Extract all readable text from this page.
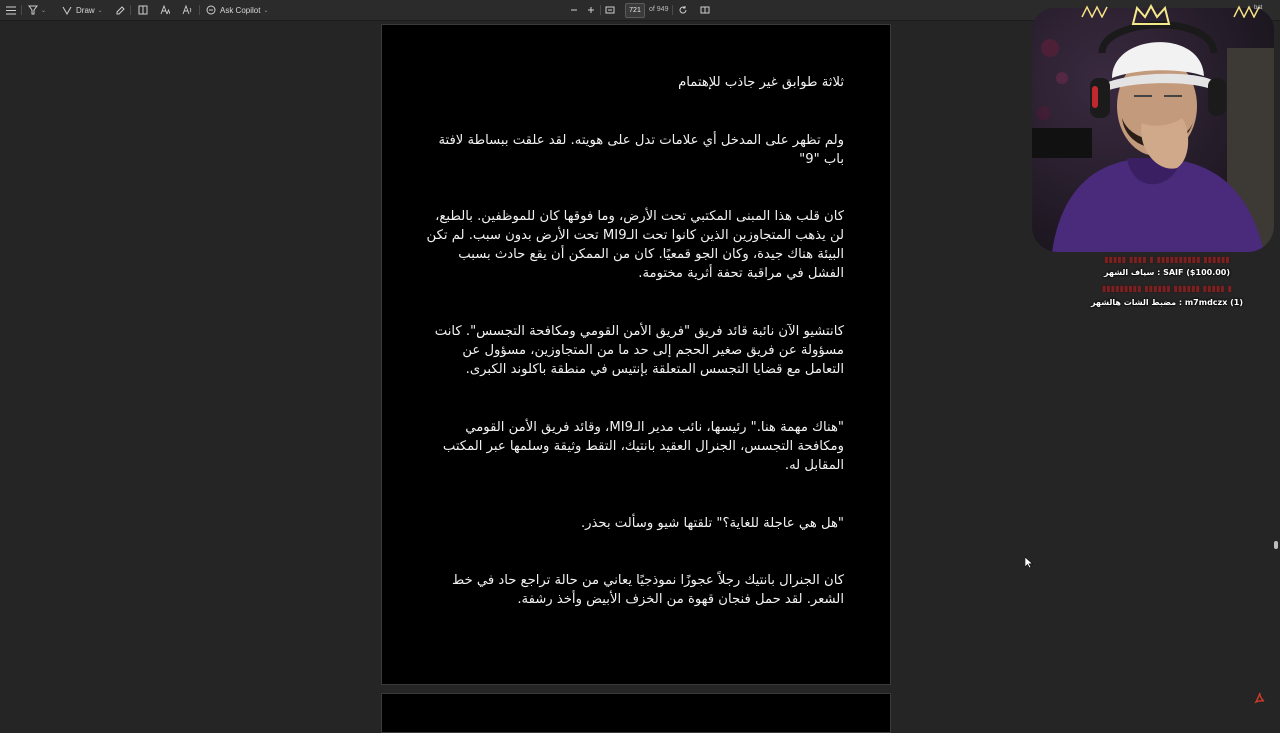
⌄	Draw ⌄	Ask Copilot ⌄	721	of 949

ثلاثة طوابق غير جاذب للإهتمام

ولم تظهر على المدخل أي علامات تدل على هويته. لقد علقت ببساطة لافتة باب "9"

كان قلب هذا المبنى المكتبي تحت الأرض، وما فوقها كان للموظفين. بالطبع، لن يذهب المتجاوزين الذين كانوا تحت الـMI9 تحت الأرض بدون سبب. لم تكن البيئة هناك جيدة، وكان الجو قمعيًا. كان من الممكن أن يقع حادث بسبب الفشل في مراقبة تحفة أثرية مختومة.

كانتشيو الآن نائبة قائد فريق "فريق الأمن القومي ومكافحة التجسس". كانت مسؤولة عن فريق صغير الحجم إلى حد ما من المتجاوزين، مسؤول عن التعامل مع قضايا التجسس المتعلقة بإنتيس في منطقة باكلوند الكبرى.

"هناك مهمة هنا." رئيسها، نائب مدير الـMI9، وقائد فريق الأمن القومي ومكافحة التجسس، الجنرال العقيد بانتيك، التقط وثيقة وسلمها عبر المكتب المقابل له.

"هل هي عاجلة للغاية؟" تلقتها شيو وسألت بحذر.

كان الجنرال بانتيك رجلاً عجوزًا نموذجيًا يعاني من حالة تراجع حاد في خط الشعر. لقد حمل فنجان قهوة من الخزف الأبيض وأخذ رشفة.

bat
▮▮▮▮▮▮ ▮▮▮▮▮▮▮▮▮▮ ▮ ▮▮▮▮ ▮▮▮▮▮
SAIF ($100.00) : سياف الشهر
▮ ▮▮▮▮▮ ▮▮▮▮▮▮ ▮▮▮▮▮▮ ▮▮▮▮▮▮▮▮▮
m7mdczx (1) : مضبط الشات هالشهر
